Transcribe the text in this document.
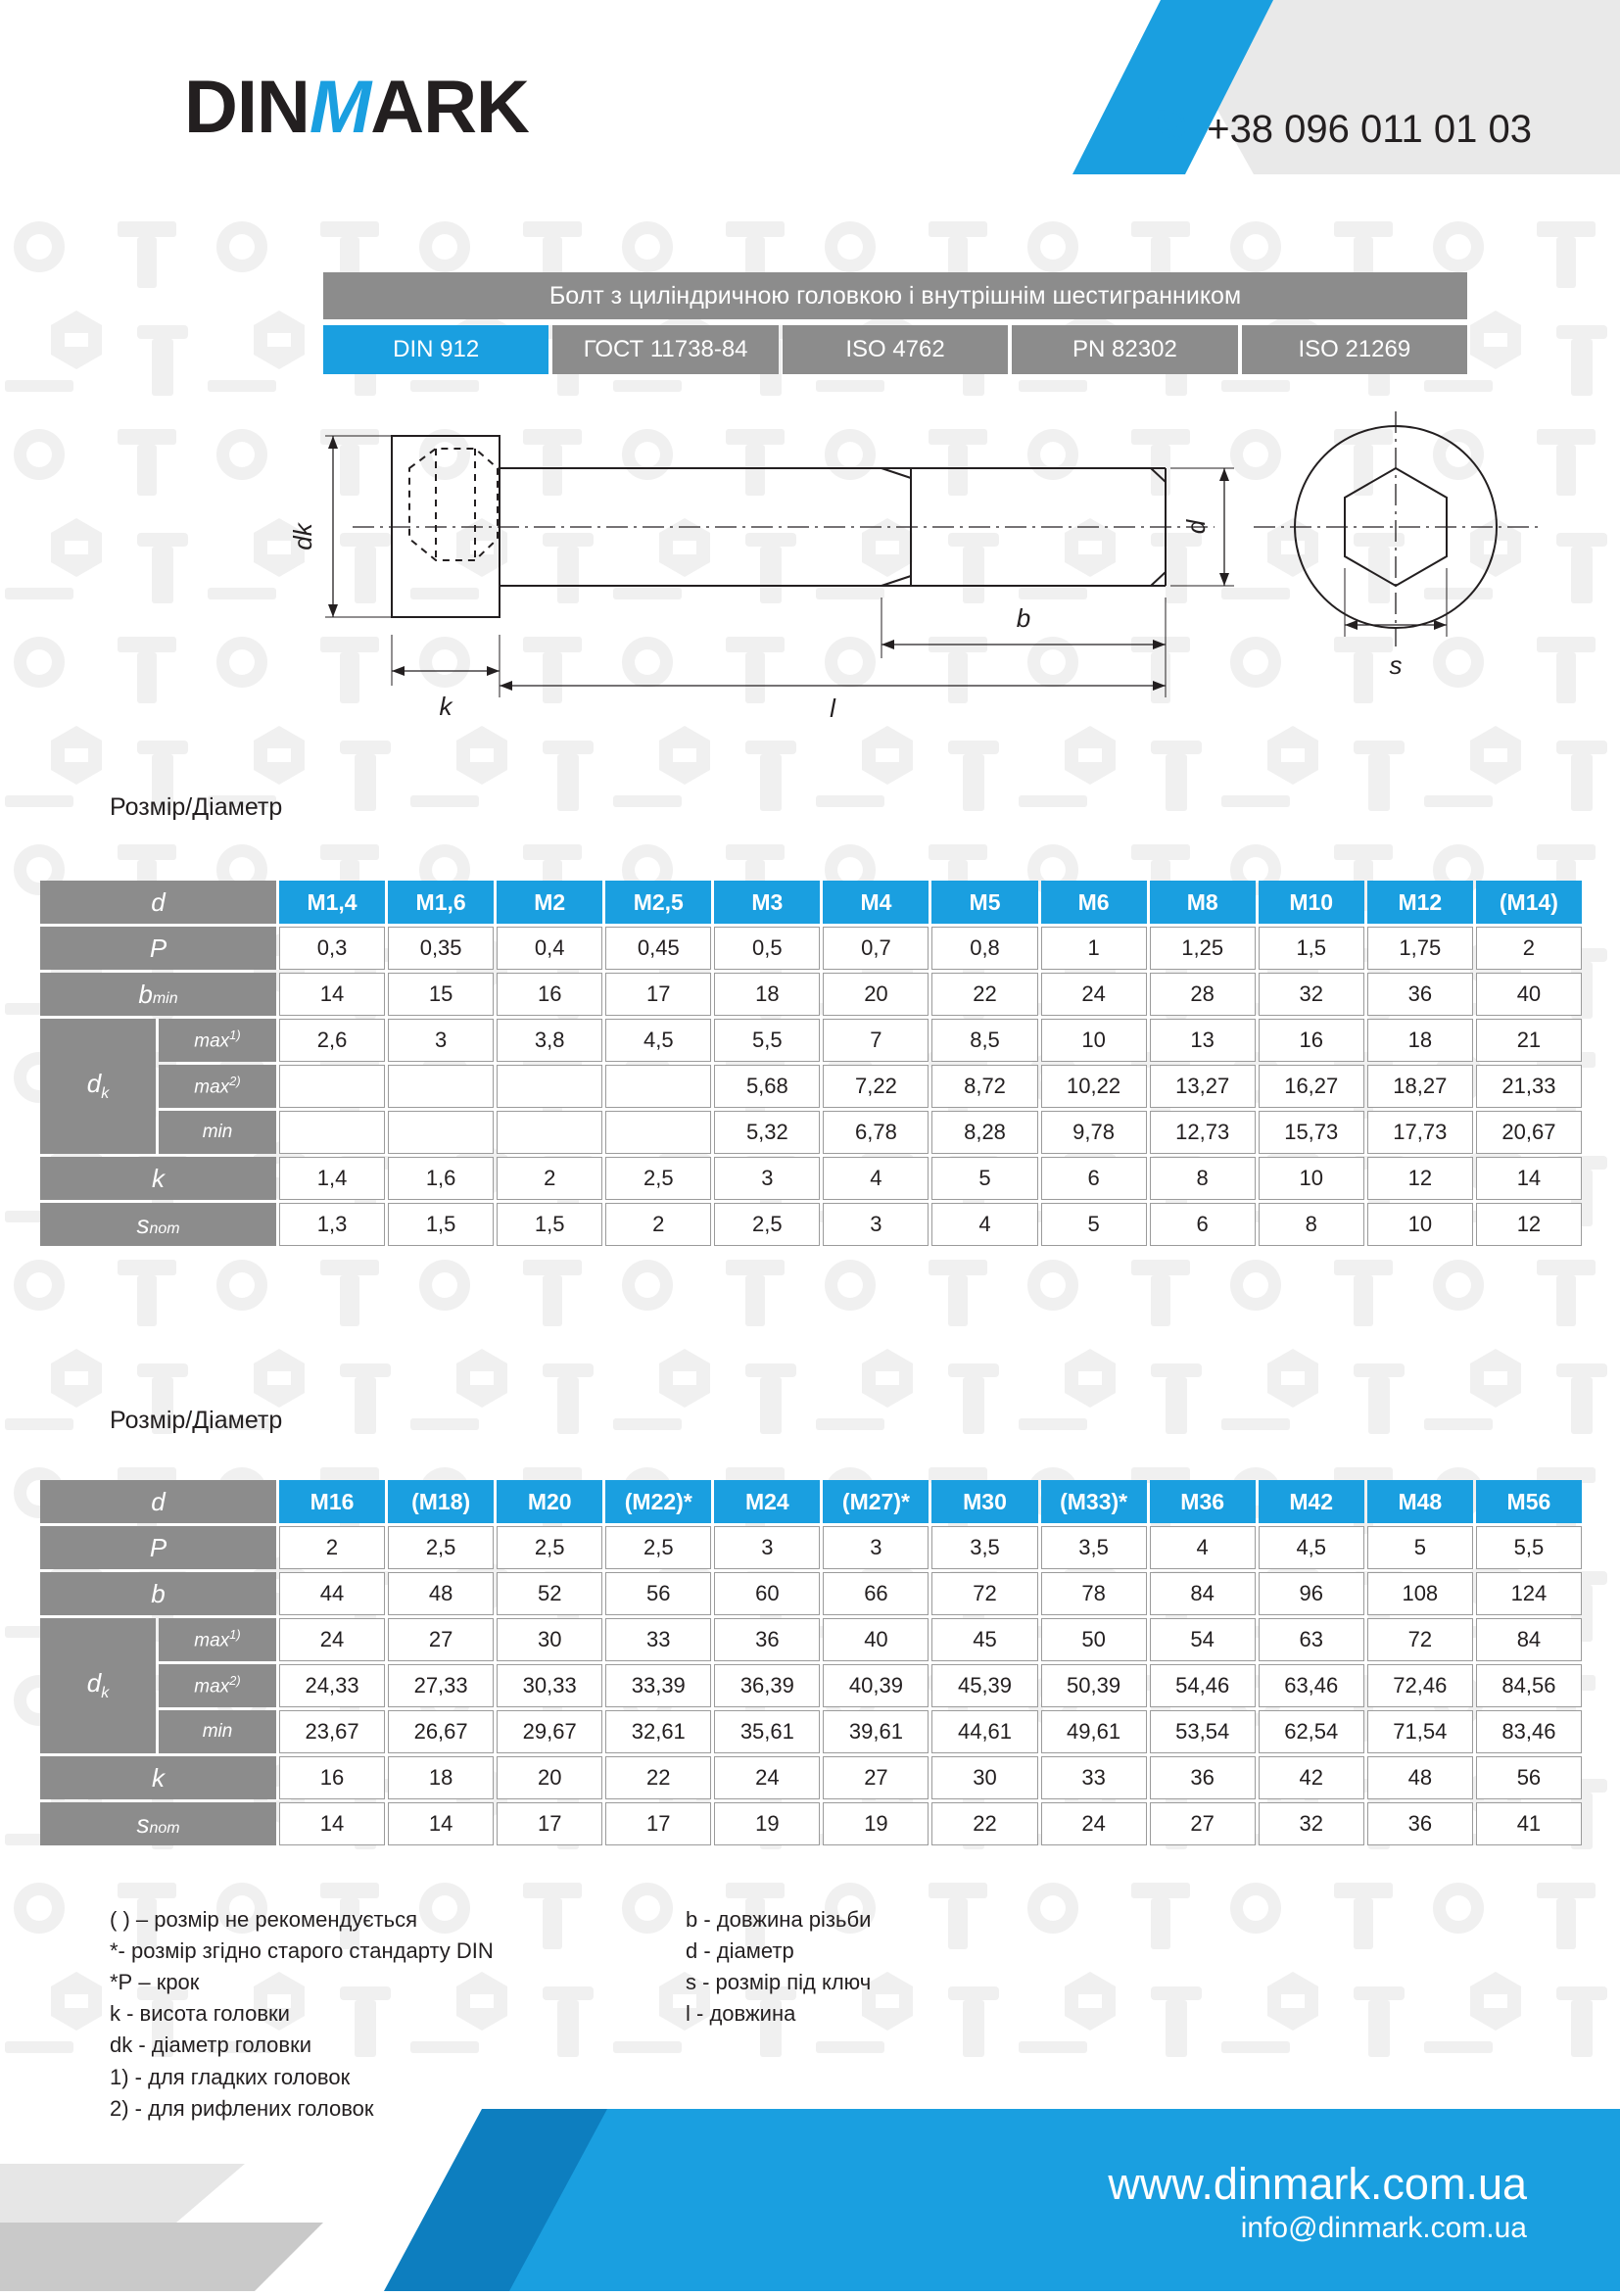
DINMARK	+38 096 011 01 03
Болт з циліндричною головкою і внутрішнім шестигранником
DIN 912	ГОСТ 11738-84	ISO 4762	PN 82302	ISO 21269
dk
k
b
l
d
s
Розмір/Діаметр
d		M1,4	M1,6	M2	M2,5	M3	M4	M5	M6	M8	M10	M12	(M14)
P		0,3	0,35	0,4	0,45	0,5	0,7	0,8	1	1,25	1,5	1,75	2
bmin		14	15	16	17	18	20	22	24	28	32	36	40
$d_k$	$\max^{1)}$	2,6	3	3,8	4,5	5,5	7	8,5	10	13	16	18	21
	$\max^{2)}$					5,68	7,22	8,72	10,22	13,27	16,27	18,27	21,33
	min					5,32	6,78	8,28	9,78	12,73	15,73	17,73	20,67
k		1,4	1,6	2	2,5	3	4	5	6	8	10	12	14
snom		1,3	1,5	1,5	2	2,5	3	4	5	6	8	10	12
Розмір/Діаметр
d		M16	(M18)	M20	(M22)*	M24	(M27)*	M30	(M33)*	M36	M42	M48	M56
P		2	2,5	2,5	2,5	3	3	3,5	3,5	4	4,5	5	5,5
b		44	48	52	56	60	66	72	78	84	96	108	124
$d_k$	$\max^{1)}$	24	27	30	33	36	40	45	50	54	63	72	84
	$\max^{2)}$	24,33	27,33	30,33	33,39	36,39	40,39	45,39	50,39	54,46	63,46	72,46	84,56
	min	23,67	26,67	29,67	32,61	35,61	39,61	44,61	49,61	53,54	62,54	71,54	83,46
k		16	18	20	22	24	27	30	33	36	42	48	56
snom		14	14	17	17	19	19	22	24	27	32	36	41
( ) – розмір не рекомендується
*- розмір згідно старого стандарту DIN
*Р – крок
k - висота головки
dk - діаметр головки
1) - для гладких головок
2) - для рифлених головок
b - довжина різьби
d - діаметр
s - розмір під ключ
l - довжина
www.dinmark.com.ua
info@dinmark.com.ua
